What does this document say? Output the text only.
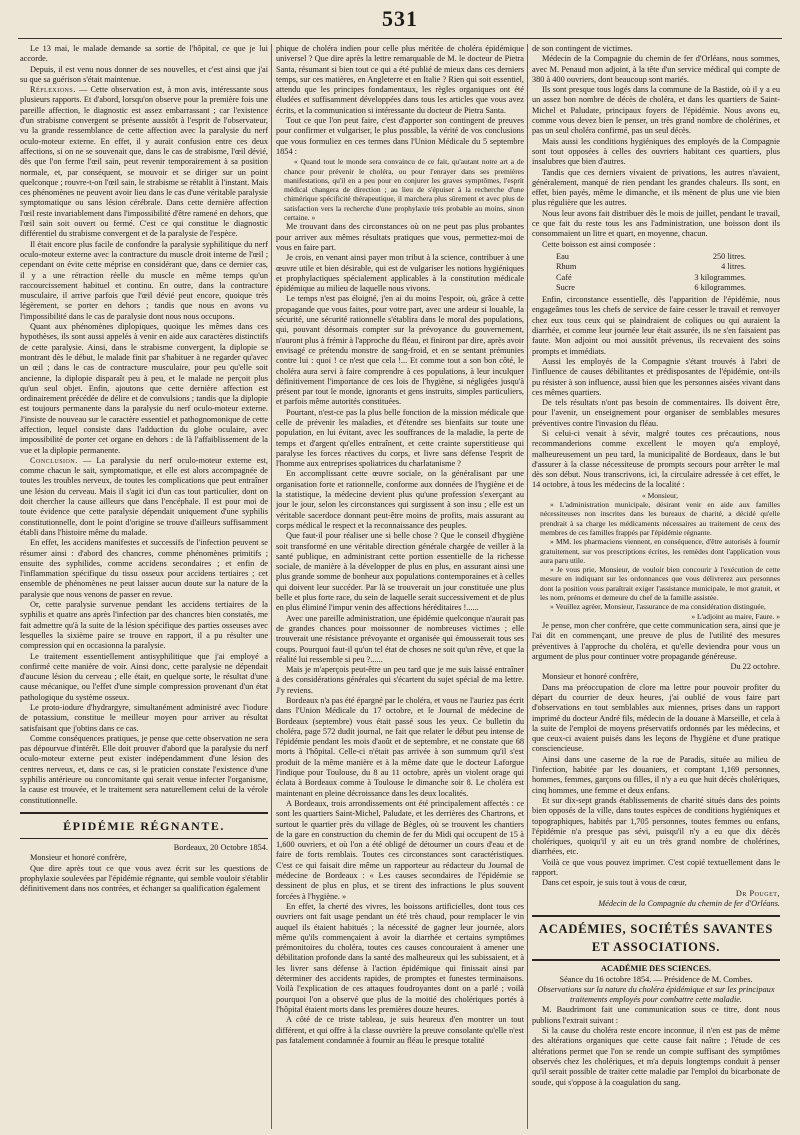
531

Le 13 mai, le malade demande sa sortie de l'hôpital, ce que je lui accorde.

Depuis, il est venu nous donner de ses nouvelles, et c'est ainsi que j'ai su que sa guérison s'était maintenue.

Réflexions. — Cette observation est, à mon avis, intéressante sous plusieurs rapports. Et d'abord, lorsqu'on observe pour la première fois une pareille affection, le diagnostic est assez embarrassant ; car l'existence d'un strabisme convergent se présente aussitôt à l'esprit de l'observateur, vu la grande ressemblance de cette affection avec la paralysie du nerf oculo-moteur externe. En effet, il y aurait confusion entre ces deux affections, si on ne se souvenait que, dans le cas de strabisme, l'œil dévié, dès que l'on ferme l'œil sain, peut revenir temporairement à sa position normale, et, par conséquent, se mouvoir et se diriger sur un point quelconque ; rouvre-t-on l'œil sain, le strabisme se rétablit à l'instant. Mais ces phénomènes ne peuvent avoir lieu dans le cas d'une véritable paralysie symptomatique ou sans lésion cérébrale. Dans cette dernière affection l'œil reste invariablement dans l'impossibilité d'être ramené en dehors, que l'œil sain soit ouvert ou fermé. C'est ce qui constitue le diagnostic différentiel du strabisme convergent et de la paralysie de l'espèce.

Il était encore plus facile de confondre la paralysie syphilitique du nerf oculo-moteur externe avec la contracture du muscle droit interne de l'œil ; cependant on évite cette méprise en considérant que, dans ce dernier cas, il y a une rétraction réelle du muscle en même temps qu'un raccourcissement habituel et continu. En outre, dans la contracture musculaire, il arrive parfois que l'œil dévié peut encore, quoique très légèrement, se porter en dehors ; tandis que nous en avons vu l'impossibilité dans le cas de paralysie dont nous nous occupons.

Quant aux phénomènes diplopiques, quoique les mêmes dans ces hypothèses, ils sont aussi appelés à venir en aide aux caractères distinctifs de cette paralysie. Ainsi, dans le strabisme convergent, la diplopie se montrant dès le début, le malade finit par s'habituer à ne regarder qu'avec un œil ; dans le cas de contracture musculaire, pour peu qu'elle soit ancienne, la diplopie disparaît peu à peu, et le malade ne perçoit plus qu'un seul objet. Enfin, ajoutons que cette dernière affection est ordinairement précédée de délire et de convulsions ; tandis que la diplopie est toujours permanente dans la paralysie du nerf oculo-moteur externe. J'insiste de nouveau sur le caractère essentiel et pathognomonique de cette affection, lequel consiste dans l'adduction du globe oculaire, avec impossibilité de porter cet organe en dehors : de là l'affaiblissement de la vue et la diplopie permanente.

Conclusion. — La paralysie du nerf oculo-moteur externe est, comme chacun le sait, symptomatique, et elle est alors accompagnée de toutes les troubles nerveux, de toutes les complications que peut entraîner une lésion du cerveau. Mais il s'agit ici d'un cas tout particulier, dont on doit chercher la cause ailleurs que dans l'encéphale. Il est pour moi de toute évidence que cette paralysie dépendait uniquement d'une syphilis constitutionnelle, dont le point d'origine se trouve d'ailleurs suffisamment établi dans l'histoire même du malade.

En effet, les accidens manifestes et successifs de l'infection peuvent se résumer ainsi : d'abord des chancres, comme phénomènes primitifs ; ensuite des syphilides, comme accidens secondaires ; et enfin de l'inflammation spécifique du tissu osseux pour accidens tertiaires ; cet ensemble de phénomènes ne peut laisser aucun doute sur la nature de la paralysie que nous venons de passer en revue.

Or, cette paralysie survenue pendant les accidens tertiaires de la syphilis et quatre ans après l'infection par des chancres bien constatés, me fait admettre qu'à la suite de la lésion spécifique des parties osseuses avec lesquelles la sixième paire se trouve en rapport, il a pu résulter une compression qui en occasionna la paralysie.

Le traitement essentiellement antisyphilitique que j'ai employé a confirmé cette manière de voir. Ainsi donc, cette paralysie ne dépendait d'aucune lésion du cerveau ; elle était, en quelque sorte, le résultat d'une cause mécanique, ou l'effet d'une simple compression provenant d'un état pathologique du système osseux.

Le proto-iodure d'hydrargyre, simultanément administré avec l'iodure de potassium, constitue le meilleur moyen pour arriver au résultat satisfaisant que j'obtins dans ce cas.

Comme conséquences pratiques, je pense que cette observation ne sera pas dépourvue d'intérêt. Elle doit prouver d'abord que la paralysie du nerf oculo-moteur externe peut exister indépendamment d'une lésion des centres nerveux, et, dans ce cas, si le praticien constate l'existence d'une syphilis antérieure ou concomitante qui serait venue infecter l'organisme, la cause est trouvée, et le traitement sera naturellement celui de la vérole constitutionnelle.

ÉPIDÉMIE RÉGNANTE.

Bordeaux, 20 Octobre 1854.

Monsieur et honoré confrère,

Que dire après tout ce que vous avez écrit sur les questions de prophylaxie soulevées par l'épidémie régnante, qui semble vouloir s'établir définitivement dans nos contrées, et échanger sa qualification également

phique de choléra indien pour celle plus méritée de choléra épidémique universel ? Que dire après la lettre remarquable de M. le docteur de Pietra Santa, résumant si bien tout ce qui a été publié de mieux dans ces derniers temps, sur ces matières, en Angleterre et en Italie ? Rien qui soit essentiel, attendu que les principes fondamentaux, les règles organiques ont été éludées et suffisamment développées dans tous les articles que vous avez écrits, et la communication si intéressante du docteur de Pietra Santa.

Tout ce que l'on peut faire, c'est d'apporter son contingent de preuves pour confirmer et vulgariser, le plus possible, la vérité de vos conclusions que vous formuliez en ces termes dans l'Union Médicale du 5 septembre 1854 :

« Quand tout le monde sera convaincu de ce fait, qu'autant notre art a de chance pour prévenir le choléra, ou pour l'enrayer dans ses premières manifestations, qu'il en a peu pour en conjurer les graves symptômes, l'esprit médical changera de direction ; au lieu de s'épuiser à la recherche d'une chimérique spécificité thérapeutique, il marchera plus sûrement et avec plus de satisfaction vers la recherche d'une prophylaxie très probable au moins, sinon certaine. »

Me trouvant dans des circonstances où on ne peut pas plus probantes pour arriver aux mêmes résultats pratiques que vous, permettez-moi de vous en faire part.

Je crois, en venant ainsi payer mon tribut à la science, contribuer à une œuvre utile et bien désirable, qui est de vulgariser les notions hygiéniques et prophylactiques spécialement applicables à la constitution médicale épidémique au milieu de laquelle nous vivons.

Le temps n'est pas éloigné, j'en ai du moins l'espoir, où, grâce à cette propagande que vous faites, pour votre part, avec une ardeur si louable, la sécurité, une sécurité rationnelle s'établira dans le moral des populations, qui, pouvant désormais compter sur la prévoyance du gouvernement, n'auront plus à frémir à l'approche du fléau, et finiront par dire, après avoir envisagé ce prétendu monstre de sang-froid, et en se sentant prémunies contre lui : quoi ! ce n'est que cela !... Et comme tout a son bon côté, le choléra aura servi à faire comprendre à ces populations, à leur inculquer définitivement l'importance de ces lois de l'hygiène, si négligées jusqu'à présent par tout le monde, ignorants et gens instruits, simples particuliers, et parfois même autorités constituées.

Pourtant, n'est-ce pas la plus belle fonction de la mission médicale que celle de prévenir les maladies, et d'étendre ses bienfaits sur toute une population, en lui évitant, avec les souffrances de la maladie, la perte de temps et d'argent qu'elles entraînent, et cette crainte superstitieuse qui paralyse les forces réactives du corps, et livre sans défense l'esprit de l'homme aux entreprises spoliatrices du charlatanisme ?

En accomplissant cette œuvre sociale, on la généralisant par une organisation forte et rationnelle, conforme aux données de l'hygiène et de la statistique, la médecine devient plus qu'une profession s'exerçant au jour le jour, selon les circonstances qui surgissent à son insu ; elle est un véritable sacerdoce donnant peut-être moins de profits, mais assurant au corps médical le respect et la reconnaissance des peuples.

Que faut-il pour réaliser une si belle chose ? Que le conseil d'hygiène soit transformé en une véritable direction générale chargée de veiller à la santé publique, en administrant cette portion essentielle de la richesse sociale, de manière à la développer de plus en plus, en assurant ainsi une plus grande somme de bonheur aux populations contemporaines et à celles qui doivent leur succéder. Par là se trouverait un jour constituée une plus belle et plus forte race, du sein de laquelle serait successivement et de plus en plus éliminé l'impur venin des affections héréditaires !......

Avec une pareille administration, une épidémie quelconque n'aurait pas de grandes chances pour moissonner de nombreuses victimes ; elle trouverait une résistance prévoyante et organisée qui émousserait tous ses coups. Pourquoi faut-il qu'un tel état de choses ne soit qu'un rêve, et que la réalité lui ressemble si peu ?......

Mais je m'aperçois peut-être un peu tard que je me suis laissé entraîner à des considérations générales qui s'écartent du sujet spécial de ma lettre. J'y reviens.

Bordeaux n'a pas été épargné par le choléra, et vous ne l'auriez pas écrit dans l'Union Médicale du 17 octobre, et le Journal de médecine de Bordeaux (septembre) vous était passé sous les yeux. Ce bulletin du choléra, page 572 dudit journal, ne fait que relater le début peu intense de l'épidémie pendant les mois d'août et de septembre, et ne constate que 68 morts à l'hôpital. Celle-ci n'était pas arrivée à son summum qu'il s'est produit de la même manière et à la même date que le docteur Laforgue l'indique pour Toulouse, du 8 au 11 octobre, après un violent orage qui éclata à Bordeaux comme à Toulouse le dimanche soir 8. Le choléra est maintenant en pleine décroissance dans les deux localités.

A Bordeaux, trois arrondissements ont été principalement affectés : ce sont les quartiers Saint-Michel, Paludate, et les derrières des Chartrons, et surtout le quartier près du village de Bègles, où se trouvent les chantiers de la gare en construction du chemin de fer du Midi qui occupent de 15 à 1,600 ouvriers, et où l'on a été obligé de détourner un cours d'eau et de faire de forts remblais. Toutes ces circonstances sont caractéristiques. C'est ce qui faisait dire même un rapporteur au rédacteur du Journal de médecine de Bordeaux : « Les causes secondaires de l'épidémie se dessinent de plus en plus, et se tirent des infractions le plus souvent forcées à l'hygiène. »

En effet, la cherté des vivres, les boissons artificielles, dont tous ces ouvriers ont fait usage pendant un été très chaud, pour remplacer le vin auquel ils étaient habitués ; la nécessité de gagner leur journée, alors même qu'ils commençaient à avoir la diarrhée et certains symptômes prémonitoires du choléra, toutes ces causes concouraient à amener une débilitation profonde dans la santé des malheureux qui les subissaient, et à les livrer sans défense à l'action épidémique qui finissait ainsi par déterminer des accidents rapides, de promptes et funestes terminaisons. Voilà l'explication de ces attaques foudroyantes dont on a parlé ; voilà pourquoi l'on a observé que plus de la moitié des cholériques portés à l'hôpital étaient morts dans les premières douze heures.

A côté de ce triste tableau, je suis heureux d'en montrer un tout différent, et qui offre à la classe ouvrière la preuve consolante qu'elle n'est pas fatalement condamnée à fournir au fléau le presque totalité

de son contingent de victimes.

Médecin de la Compagnie du chemin de fer d'Orléans, nous sommes, avec M. Penaud mon adjoint, à la tête d'un service médical qui compte de 380 à 400 ouvriers, dont beaucoup sont mariés.

Ils sont presque tous logés dans la commune de la Bastide, où il y a eu un assez bon nombre de décès de choléra, et dans les quartiers de Saint-Michel et Paludate, principaux foyers de l'épidémie. Nous avons eu, comme vous devez bien le penser, un très grand nombre de cholérines, et pas un seul choléra confirmé, pas un seul décès.

Mais aussi les conditions hygiéniques des employés de la Compagnie sont tout opposées à celles des ouvriers habitant ces quartiers, plus insalubres que bien d'autres.

Tandis que ces derniers vivaient de privations, les autres n'avaient, généralement, manqué de rien pendant les grandes chaleurs. Ils sont, en effet, bien payés, même le dimanche, et ils mènent de plus une vie bien plus régulière que les autres.

Nous leur avons fait distribuer dès le mois de juillet, pendant le travail, ce que fait du reste tous les ans l'administration, une boisson dont ils consommaient un litre et quart, en moyenne, chacun.

Cette boisson est ainsi composée :

Eau	250 litres.
Rhum	4 litres.
Café	3 kilogrammes.
Sucre	6 kilogrammes.

Enfin, circonstance essentielle, dès l'apparition de l'épidémie, nous engageâmes tous les chefs de service de faire cesser le travail et renvoyer chez eux tous ceux qui se plaindraient de coliques ou qui auraient la diarrhée, et comme leur journée leur était assurée, ils ne s'en faisaient pas faute. Mon adjoint ou moi aussitôt prévenus, ils recevaient des soins prompts et immédiats.

Aussi les employés de la Compagnie s'étant trouvés à l'abri de l'influence de causes débilitantes et prédisposantes de l'épidémie, ont-ils pu résister à son influence, aussi bien que les personnes aisées vivant dans ces mêmes quartiers.

De tels résultats n'ont pas besoin de commentaires. Ils doivent être, pour l'avenir, un enseignement pour organiser de semblables mesures préventives contre l'invasion du fléau.

Si celui-ci venait à sévir, malgré toutes ces précautions, nous recommanderions comme excellent le moyen qu'a employé, malheureusement un peu tard, la municipalité de Bordeaux, dans le but d'assurer à la classe nécessiteuse de prompts secours pour arrêter le mal dès son début. Nous transcrivons, ici, la circulaire adressée à cet effet, le 14 octobre, à tous les médecins de la localité :

« Monsieur,

» L'administration municipale, désirant venir en aide aux familles nécessiteuses non inscrites dans les bureaux de charité, a décidé qu'elle prendrait à sa charge les médicaments nécessaires au traitement de ceux des membres de ces familles frappés par l'épidémie régnante.

» MM. les pharmaciens viennent, en conséquence, d'être autorisés à fournir gratuitement, sur vos prescriptions écrites, les remèdes dont l'application vous aura paru utile.

» Je vous prie, Monsieur, de vouloir bien concourir à l'exécution de cette mesure en indiquant sur les ordonnances que vous délivrerez aux personnes dont la position vous paraîtrait exiger l'assistance municipale, le mot gratuit, et les nom, prénoms et demeure du chef de la famille assistée.

» Veuillez agréer, Monsieur, l'assurance de ma considération distinguée,

» L'adjoint au maire, Faure. »

Je pense, mon cher confrère, que cette communication sera, ainsi que je l'ai dit en commençant, une preuve de plus de l'utilité des mesures préventives à l'approche du choléra, et qu'elle deviendra pour vous un argument de plus pour continuer votre propagande généreuse.

Du 22 octobre.

Monsieur et honoré confrère,

Dans ma préoccupation de clore ma lettre pour pouvoir profiter du départ du courrier de deux heures, j'ai oublié de vous faire part d'observations en tout semblables aux miennes, prises dans un rapport imprimé du docteur André fils, médecin de la douane à Marseille, et cela à la suite de l'emploi de moyens préservatifs ordonnés par les médecins, et que ceux-ci avaient puisés dans les leçons de l'hygiène et d'une pratique consciencieuse.

Ainsi dans une caserne de la rue de Paradis, située au milieu de l'infection, habitée par les douaniers, et comptant 1,169 personnes, hommes, femmes, garçons ou filles, il n'y a eu que huit décès cholériques, cinq hommes, une femme et deux enfans.

Et sur dix-sept grands établissements de charité situés dans des points bien opposés de la ville, dans toutes espèces de conditions hygiéniques et topographiques, habités par 1,705 personnes, toutes femmes ou enfans, l'épidémie n'a presque pas sévi, puisqu'il n'y a eu que dix décès cholériques, quoiqu'il y ait eu un très grand nombre de cholérines, diarrhées, etc.

Voilà ce que vous pouvez imprimer. C'est copié textuellement dans le rapport.

Dans cet espoir, je suis tout à vous de cœur,

Dr Pouget,

Médecin de la Compagnie du chemin de fer d'Orléans.

ACADÉMIES, SOCIÉTÉS SAVANTES ET ASSOCIATIONS.

ACADÉMIE DES SCIENCES.

Séance du 16 octobre 1854. — Présidence de M. Combes.

Observations sur la nature du choléra épidémique et sur les principaux traitements employés pour combattre cette maladie.

M. Baudrimont fait une communication sous ce titre, dont nous publions l'extrait suivant :

Si la cause du choléra reste encore inconnue, il n'en est pas de même des altérations organiques que cette cause fait naître ; l'étude de ces altérations permet que l'on se rende un compte suffisant des symptômes observés chez les cholériques, et m'a depuis longtemps conduit à penser qu'il serait possible de traiter cette maladie par l'emploi du bicarbonate de soude, qui s'oppose à la coagulation du sang.
